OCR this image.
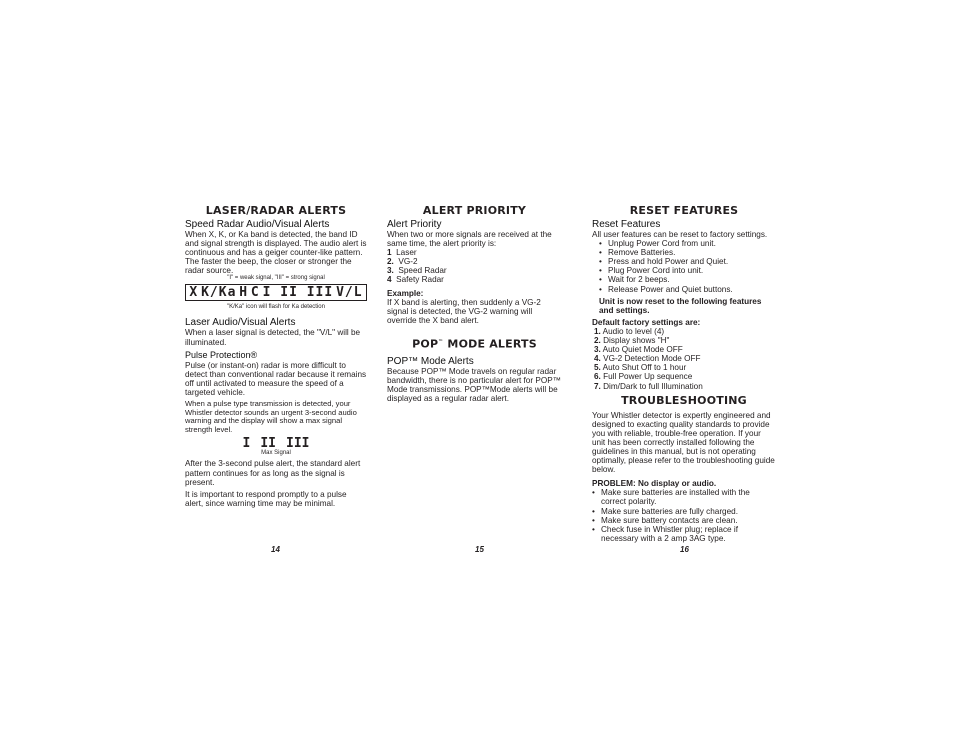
LASER/RADAR ALERTS
Speed Radar Audio/Visual Alerts

When X, K, or Ka band is detected, the band ID and signal strength is displayed. The audio alert is continuous and has a geiger counter-like pattern. The faster the beep, the closer or stronger the radar source.

"I" = weak signal, "III" = strong signal
X K/Ka H C I II III V/L
"K/Ka" icon will flash for Ka detection
Laser Audio/Visual Alerts

When a laser signal is detected, the "V/L" will be illuminated.

Pulse Protection®

Pulse (or instant-on) radar is more difficult to detect than conventional radar because it remains off until activated to measure the speed of a targeted vehicle.

When a pulse type transmission is detected, your Whistler detector sounds an urgent 3-second audio warning and the display will show a max signal strength level.

I II III
Max Signal

After the 3-second pulse alert, the standard alert pattern continues for as long as the signal is present.

It is important to respond promptly to a pulse alert, since warning time may be minimal.

ALERT PRIORITY
Alert Priority

When two or more signals are received at the same time, the alert priority is:

1 Laser
2. VG-2
3. Speed Radar
4 Safety Radar
Example:

If X band is alerting, then suddenly a VG-2 signal is detected, the VG-2 warning will override the X band alert.

POP™ MODE ALERTS
POP™ Mode Alerts

Because POP™ Mode travels on regular radar bandwidth, there is no particular alert for POP™ Mode transmissions. POP™Mode alerts will be displayed as a regular radar alert.

RESET FEATURES
Reset Features

All user features can be reset to factory settings.

• Unplug Power Cord from unit.
• Remove Batteries.
• Press and hold Power and Quiet.
• Plug Power Cord into unit.
• Wait for 2 beeps.
• Release Power and Quiet buttons.

Unit is now reset to the following features and settings.

Default factory settings are:
1. Audio to level (4)
2. Display shows "H"
3. Auto Quiet Mode OFF
4. VG-2 Detection Mode OFF
5. Auto Shut Off to 1 hour
6. Full Power Up sequence
7. Dim/Dark to full Illumination
TROUBLESHOOTING

Your Whistler detector is expertly engineered and designed to exacting quality standards to provide you with reliable, trouble-free operation. If your unit has been correctly installed following the guidelines in this manual, but is not operating optimally, please refer to the troubleshooting guide below.

PROBLEM: No display or audio.
• Make sure batteries are installed with the correct polarity.
• Make sure batteries are fully charged.
• Make sure battery contacts are clean.
• Check fuse in Whistler plug; replace if necessary with a 2 amp 3AG type.
14	15	16
